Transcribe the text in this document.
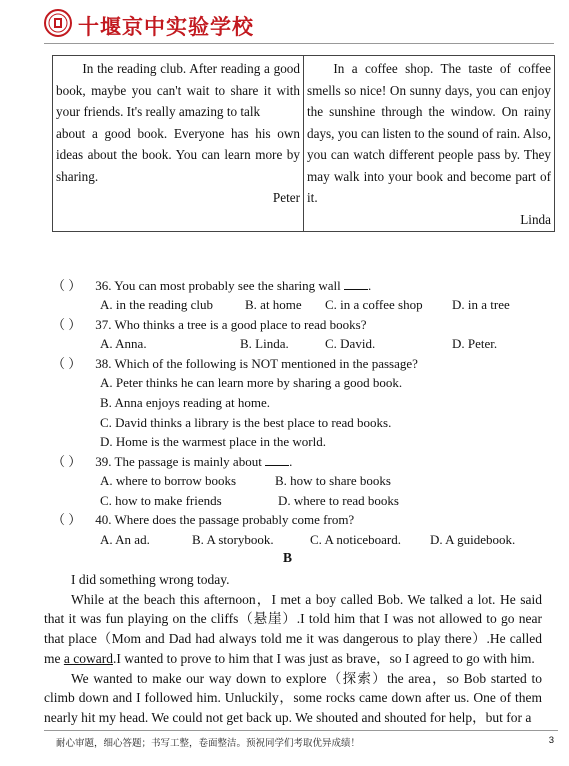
十堰京中实验学校

In the reading club. After reading a good book, maybe you can't wait to share it with your friends. It's really amazing to talk

about a good book. Everyone has his own ideas about the book. You can learn more by sharing.

Peter

In a coffee shop. The taste of coffee smells so nice! On sunny days, you can enjoy the sunshine through the window. On rainy days, you can listen to the sound of rain. Also, you can watch different people pass by. They may walk into your book and become part of it.

Linda

（ ） 36. You can most probably see the sharing wall .
A. in the reading club B. at home C. in a coffee shop D. in a tree
（ ） 37. Who thinks a tree is a good place to read books?
A. Anna.	B. Linda.	C. David.	D. Peter.
（ ） 38. Which of the following is NOT mentioned in the passage?
A. Peter thinks he can learn more by sharing a good book.
B. Anna enjoys reading at home.
C. David thinks a library is the best place to read books.
D. Home is the warmest place in the world.
（ ） 39. The passage is mainly about .
A. where to borrow books	B. how to share books
C. how to make friends	D. where to read books
（ ） 40. Where does the passage probably come from?
A. An ad.	B. A storybook.	C. A noticeboard. D. A guidebook.
B

I did something wrong today.

While at the beach this afternoon，I met a boy called Bob. We talked a lot. He said that it was fun playing on the cliffs（悬崖）.I told him that I was not allowed to go near that place（Mom and Dad had always told me it was dangerous to play there）.He called me a coward.I wanted to prove to him that I was just as brave，so I agreed to go with him.

We wanted to make our way down to explore（探索）the area，so Bob started to climb down and I followed him. Unluckily，some rocks came down after us. One of them nearly hit my head. We could not get back up. We shouted and shouted for help，but for a

耐心审题，细心答题；书写工整，卷面整洁。预祝同学们考取优异成绩！	3
